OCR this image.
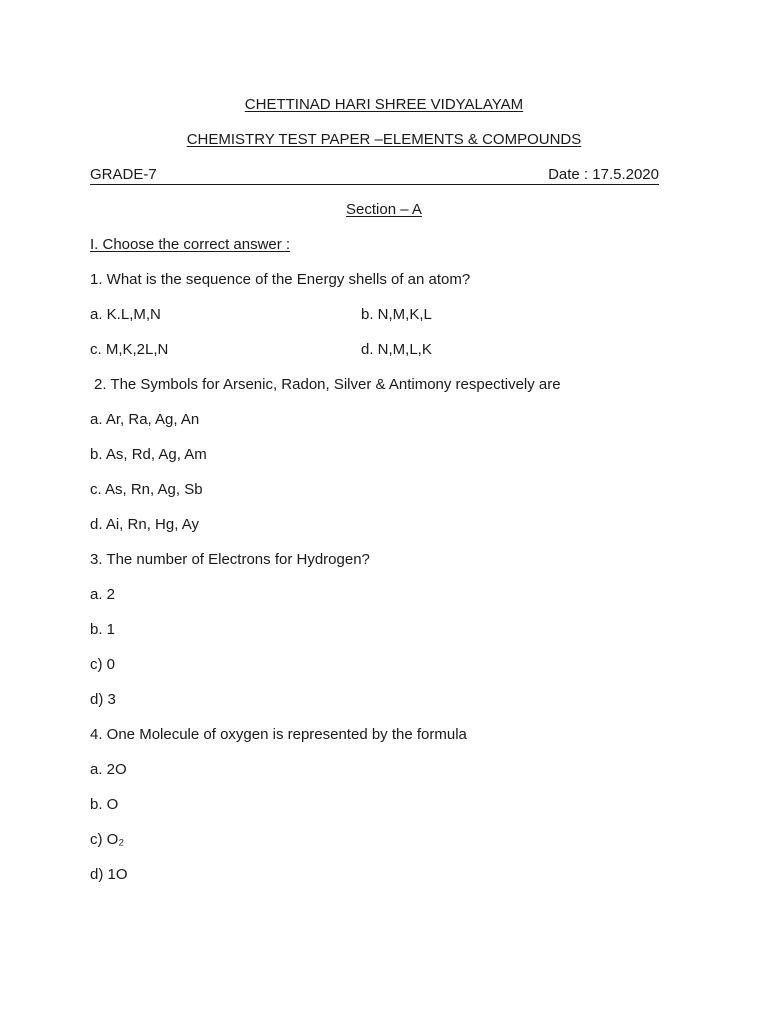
CHETTINAD HARI SHREE VIDYALAYAM
CHEMISTRY TEST PAPER –ELEMENTS & COMPOUNDS
GRADE-7	Date : 17.5.2020
Section – A
I. Choose the correct answer :
1. What is the sequence of the Energy shells of an atom?
a. K.L,M,N	b. N,M,K,L
c. M,K,2L,N	d. N,M,L,K
2. The Symbols for Arsenic, Radon, Silver & Antimony respectively are
a. Ar, Ra, Ag, An
b. As, Rd, Ag, Am
c. As, Rn, Ag, Sb
d. Ai, Rn, Hg, Ay
3. The number of Electrons for Hydrogen?
a. 2
b. 1
c) 0
d) 3
4. One Molecule of oxygen is represented by the formula
a. 2O
b. O
c) O₂
d) 1O
